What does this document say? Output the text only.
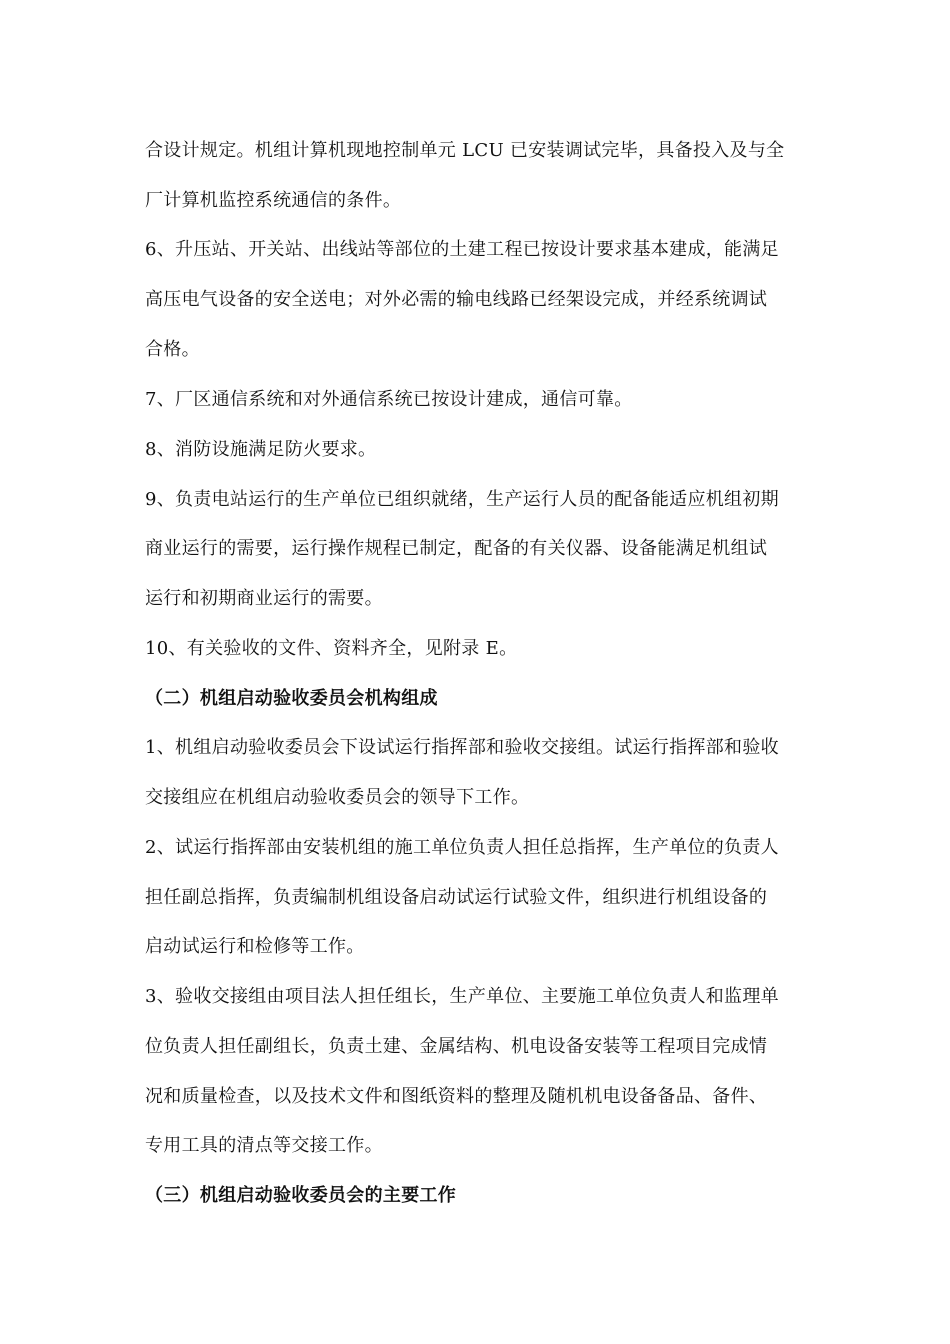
合设计规定。机组计算机现地控制单元 LCU 已安装调试完毕，具备投入及与全
厂计算机监控系统通信的条件。
6、升压站、开关站、出线站等部位的土建工程已按设计要求基本建成，能满足
高压电气设备的安全送电；对外必需的输电线路已经架设完成，并经系统调试
合格。
7、厂区通信系统和对外通信系统已按设计建成，通信可靠。
8、消防设施满足防火要求。
9、负责电站运行的生产单位已组织就绪，生产运行人员的配备能适应机组初期
商业运行的需要，运行操作规程已制定，配备的有关仪器、设备能满足机组试
运行和初期商业运行的需要。
10、有关验收的文件、资料齐全，见附录 E。
（二）机组启动验收委员会机构组成
1、机组启动验收委员会下设试运行指挥部和验收交接组。试运行指挥部和验收
交接组应在机组启动验收委员会的领导下工作。
2、试运行指挥部由安装机组的施工单位负责人担任总指挥，生产单位的负责人
担任副总指挥，负责编制机组设备启动试运行试验文件，组织进行机组设备的
启动试运行和检修等工作。
3、验收交接组由项目法人担任组长，生产单位、主要施工单位负责人和监理单
位负责人担任副组长，负责土建、金属结构、机电设备安装等工程项目完成情
况和质量检查，以及技术文件和图纸资料的整理及随机机电设备备品、备件、
专用工具的清点等交接工作。
（三）机组启动验收委员会的主要工作
